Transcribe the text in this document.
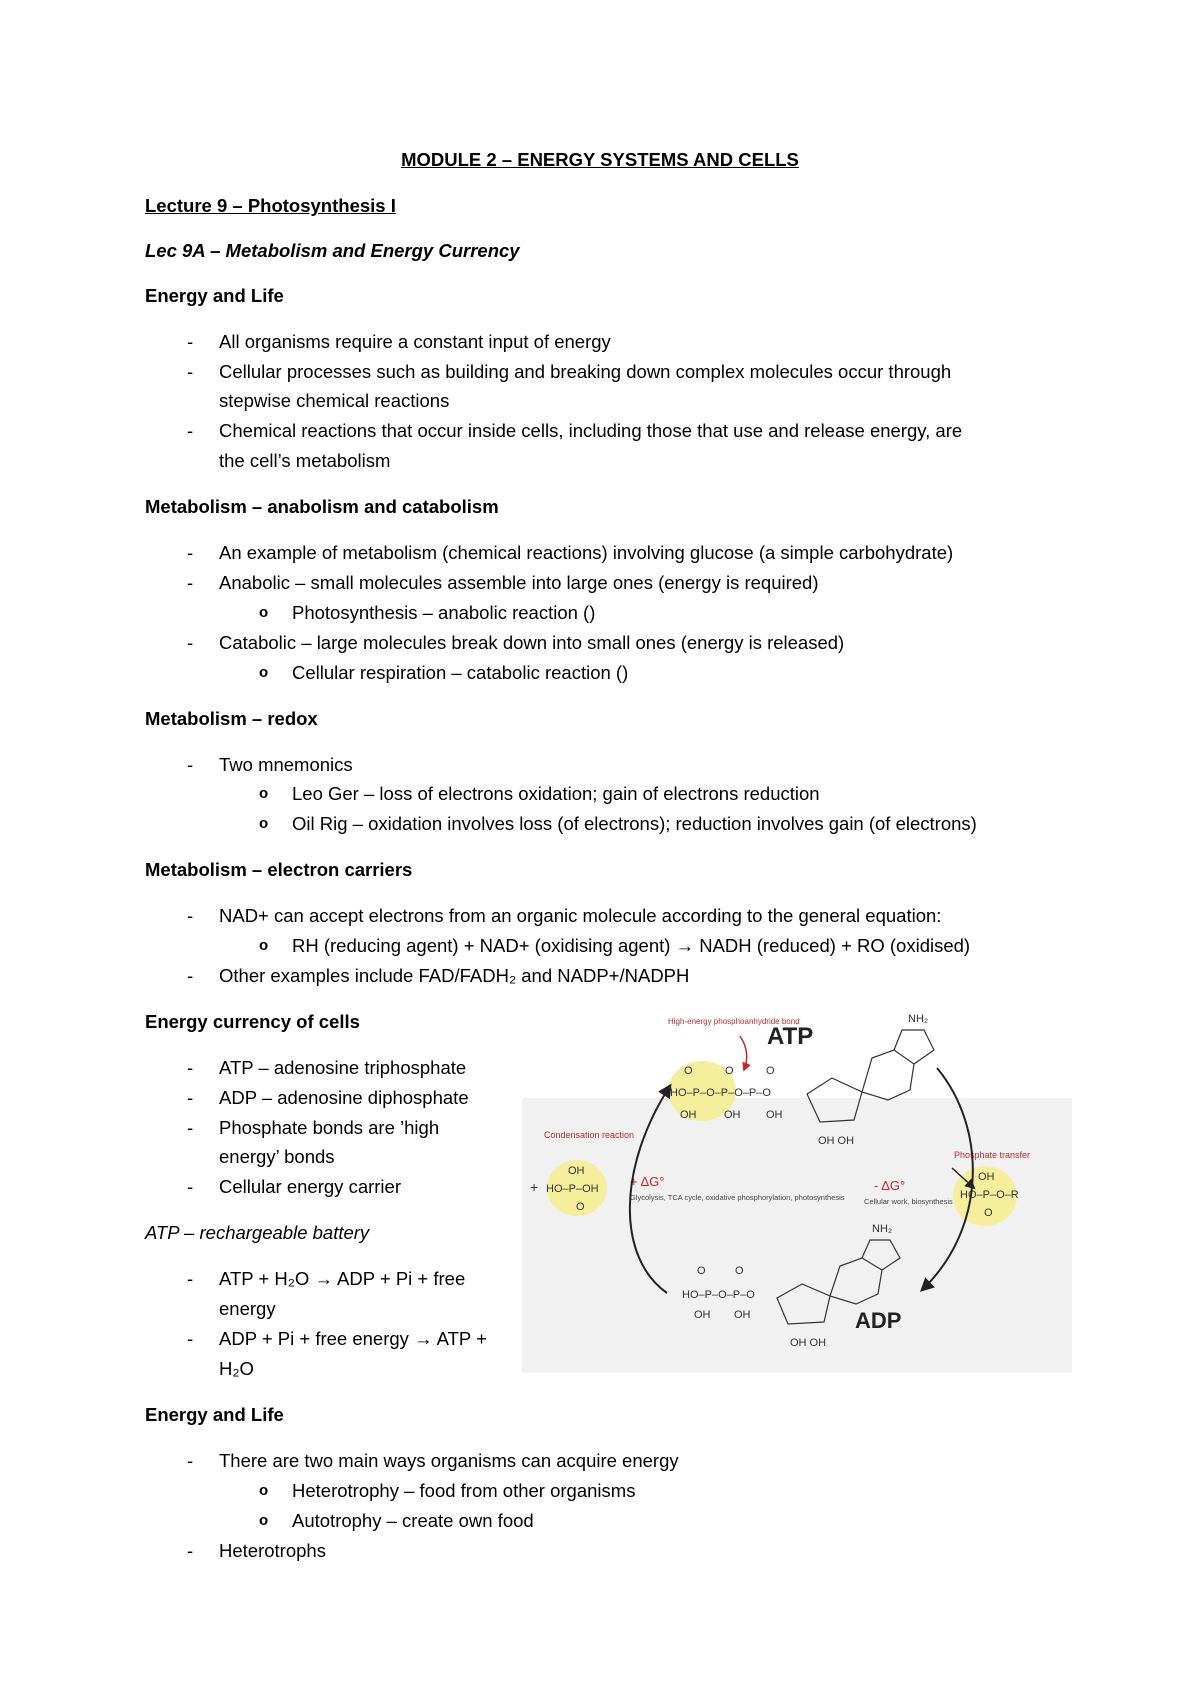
MODULE 2 – ENERGY SYSTEMS AND CELLS
Lecture 9 – Photosynthesis I
Lec 9A – Metabolism and Energy Currency
Energy and Life
- All organisms require a constant input of energy
- Cellular processes such as building and breaking down complex molecules occur through
stepwise chemical reactions
- Chemical reactions that occur inside cells, including those that use and release energy, are
the cell’s metabolism
Metabolism – anabolism and catabolism
- An example of metabolism (chemical reactions) involving glucose (a simple carbohydrate)
- Anabolic – small molecules assemble into large ones (energy is required)
o Photosynthesis – anabolic reaction ()
- Catabolic – large molecules break down into small ones (energy is released)
o Cellular respiration – catabolic reaction ()
Metabolism – redox
- Two mnemonics
o Leo Ger – loss of electrons oxidation; gain of electrons reduction
o Oil Rig – oxidation involves loss (of electrons); reduction involves gain (of electrons)
Metabolism – electron carriers
- NAD+ can accept electrons from an organic molecule according to the general equation:
o RH (reducing agent) + NAD+ (oxidising agent) → NADH (reduced) + RO (oxidised)
- Other examples include FAD/FADH₂ and NADP+/NADPH
Energy currency of cells
- ATP – adenosine triphosphate
- ADP – adenosine diphosphate
- Phosphate bonds are ’high
energy’ bonds
- Cellular energy carrier
ATP – rechargeable battery
- ATP + H₂O → ADP + Pi + free
energy
- ADP + Pi + free energy → ATP +
H₂O
Energy and Life
- There are two main ways organisms can acquire energy
o Heterotrophy – food from other organisms
o Autotrophy – create own food
- Heterotrophs
ATP
ADP
High-energy phosphoanhydride bond
O	O	O
HO–P–O–P–O–P–O
OH	OH OH
OH OH
NH₂
O	O
HO–P–O–P–O
OH OH
OH OH
NH₂
Condensation reaction
OH
+ HO–P–OH
O
+ ΔG°
Glycolysis, TCA cycle, oxidative phosphorylation, photosynthesis
Phosphate transfer
OH
HO–P–O–R
O
- ΔG°
Cellular work, biosynthesis
